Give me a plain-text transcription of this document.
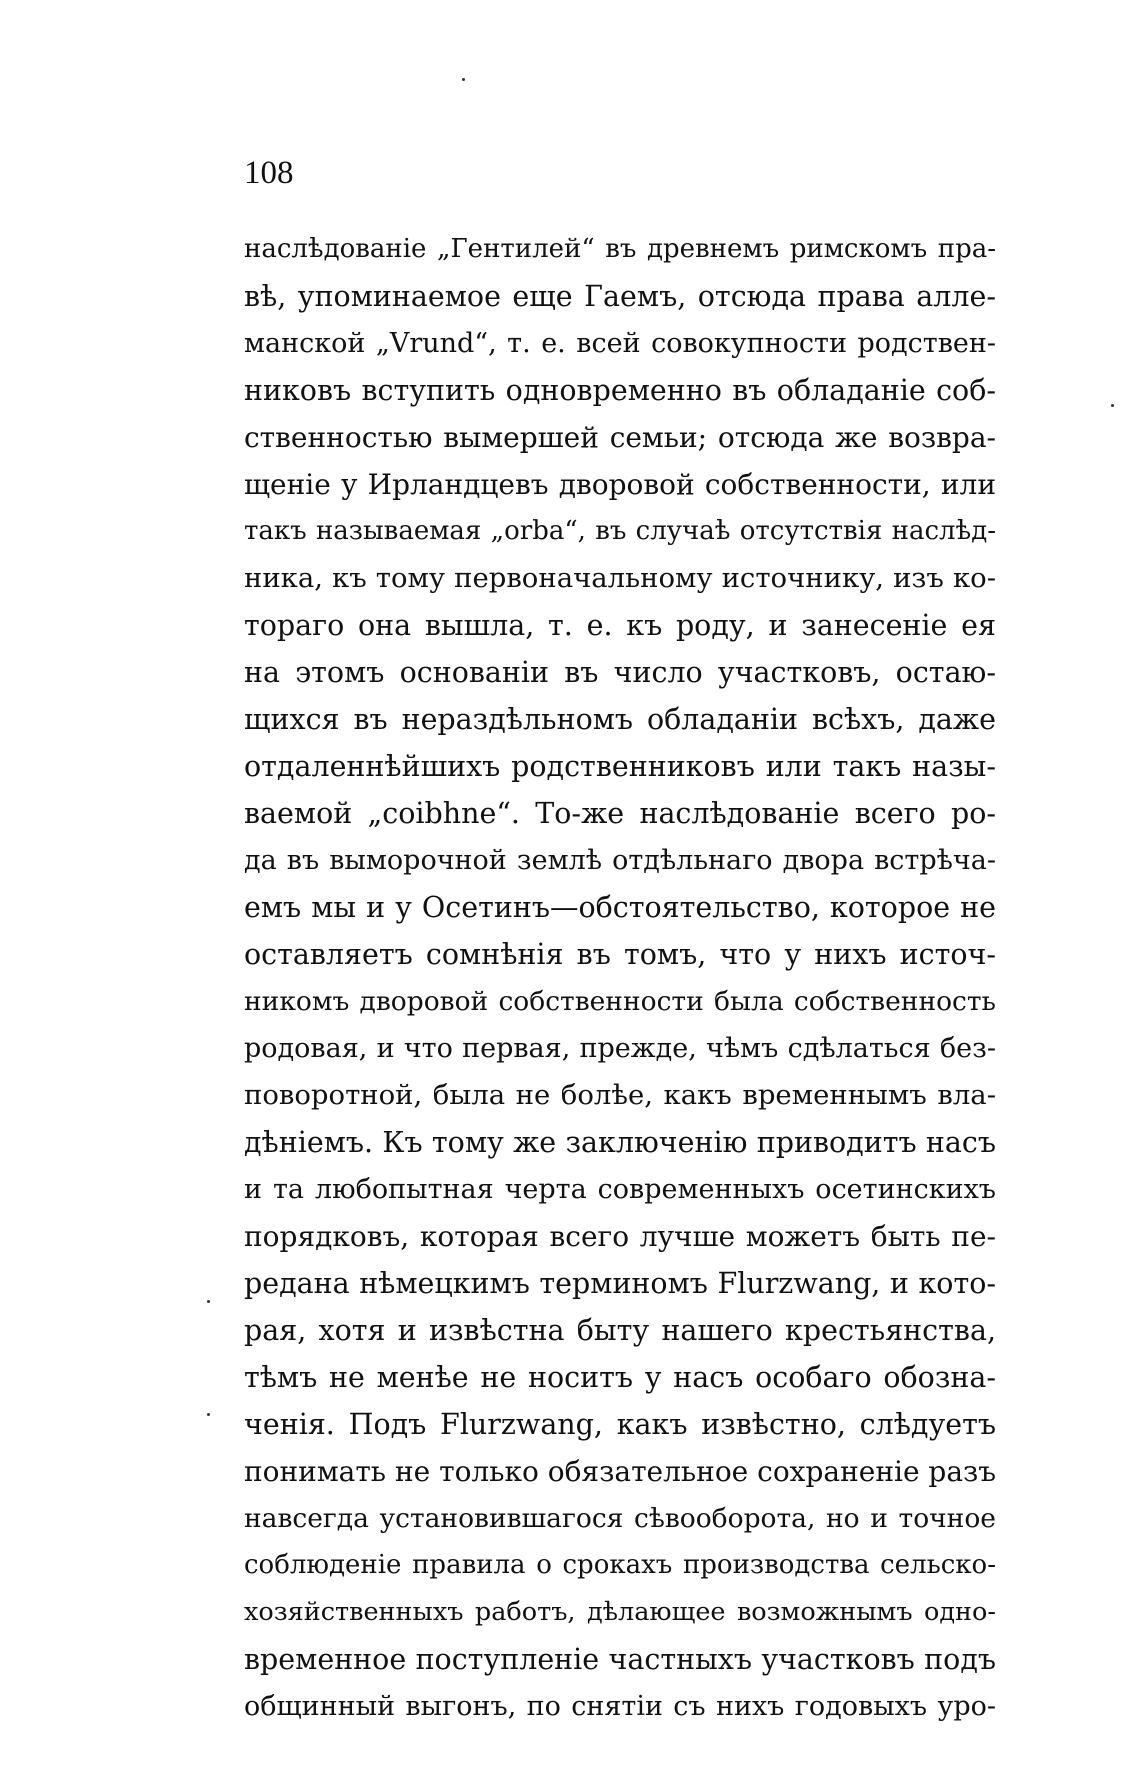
108
наслѣдованіе „Гентилей“ въ древнемъ римскомъ пра-
вѣ, упоминаемое еще Гаемъ, отсюда права алле-
манской „Vrund“, т. е. всей совокупности родствен-
никовъ вступить одновременно въ обладаніе соб-
ственностью вымершей семьи; отсюда же возвра-
щеніе у Ирландцевъ дворовой собственности, или
такъ называемая „orba“, въ случаѣ отсутствія наслѣд-
ника, къ тому первоначальному источнику, изъ ко-
тораго она вышла, т. е. къ роду, и занесеніе ея
на этомъ основаніи въ число участковъ, остаю-
щихся въ нераздѣльномъ обладаніи всѣхъ, даже
отдаленнѣйшихъ родственниковъ или такъ назы-
ваемой „coibhne“. То-же наслѣдованіе всего ро-
да въ выморочной землѣ отдѣльнаго двора встрѣча-
емъ мы и у Осетинъ—обстоятельство, которое не
оставляетъ сомнѣнія въ томъ, что у нихъ источ-
никомъ дворовой собственности была собственность
родовая, и что первая, прежде, чѣмъ сдѣлаться без-
поворотной, была не болѣе, какъ временнымъ вла-
дѣніемъ. Къ тому же заключенію приводитъ насъ
и та любопытная черта современныхъ осетинскихъ
порядковъ, которая всего лучше можетъ быть пе-
редана нѣмецкимъ терминомъ Flurzwang, и кото-
рая, хотя и извѣстна быту нашего крестьянства,
тѣмъ не менѣе не носитъ у насъ особаго обозна-
ченія. Подъ Flurzwang, какъ извѣстно, слѣдуетъ
понимать не только обязательное сохраненіе разъ
навсегда установившагося сѣвооборота, но и точное
соблюденіе правила о срокахъ производства сельско-
хозяйственныхъ работъ, дѣлающее возможнымъ одно-
временное поступленіе частныхъ участковъ подъ
общинный выгонъ, по снятіи съ нихъ годовыхъ уро-
